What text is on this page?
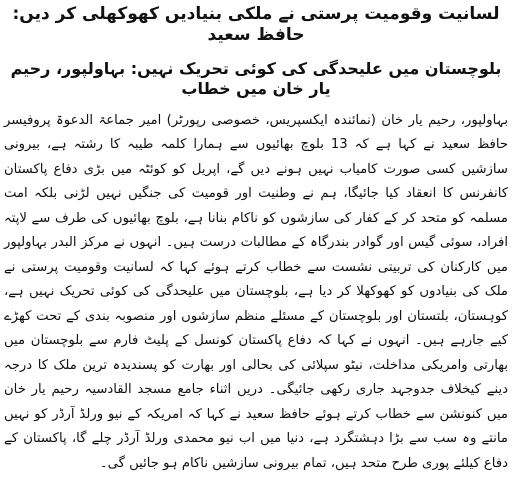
لسانیت وقومیت پرستی نے ملکی بنیادیں کھوکھلی کر دیں: حافظ سعید
بلوچستان میں علیحدگی کی کوئی تحریک نہیں: بہاولپور، رحیم یار خان میں خطاب

بہاولپور، رحیم یار خان (نمائندہ ایکسپریس، خصوصی رپورٹر) امیر جماعۃ الدعوۃ پروفیسر حافظ سعید نے کہا ہے کہ 13 بلوچ بھائیوں سے ہمارا کلمہ طیبہ کا رشتہ ہے، بیرونی سازشیں کسی صورت کامیاب نہیں ہونے دیں گے، اپریل کو کوئٹہ میں بڑی دفاع پاکستان کانفرنس کا انعقاد کیا جائیگا، ہم نے وطنیت اور قومیت کی جنگیں نہیں لڑنی بلکہ امت مسلمہ کو متحد کر کے کفار کی سازشوں کو ناکام بنانا ہے، بلوچ بھائیوں کی طرف سے لاپتہ افراد، سوئی گیس اور گوادر بندرگاہ کے مطالبات درست ہیں۔ انہوں نے مرکز البدر بہاولپور میں کارکنان کی تربیتی نشست سے خطاب کرتے ہوئے کہا کہ لسانیت وقومیت پرستی نے ملک کی بنیادوں کو کھوکھلا کر دیا ہے، بلوچستان میں علیحدگی کی کوئی تحریک نہیں ہے، کوہستان، بلتستان اور بلوچستان کے مسئلے منظم سازشوں اور منصوبہ بندی کے تحت کھڑے کیے جارہے ہیں۔ انہوں نے کہا کہ دفاع پاکستان کونسل کے پلیٹ فارم سے بلوچستان میں بھارتی وامریکی مداخلت، نیٹو سپلائی کی بحالی اور بھارت کو پسندیدہ ترین ملک کا درجہ دینے کیخلاف جدوجہد جاری رکھی جائیگی۔ دریں اثناء جامع مسجد القادسیہ رحیم یار خان میں کنونشن سے خطاب کرتے ہوئے حافظ سعید نے کہا کہ امریکہ کے نیو ورلڈ آرڈر کو نہیں مانتے وہ سب سے بڑا دہشتگرد ہے، دنیا میں اب نیو محمدی ورلڈ آرڈر چلے گا، پاکستان کے دفاع کیلئے پوری طرح متحد ہیں، تمام بیرونی سازشیں ناکام ہو جائیں گی۔
